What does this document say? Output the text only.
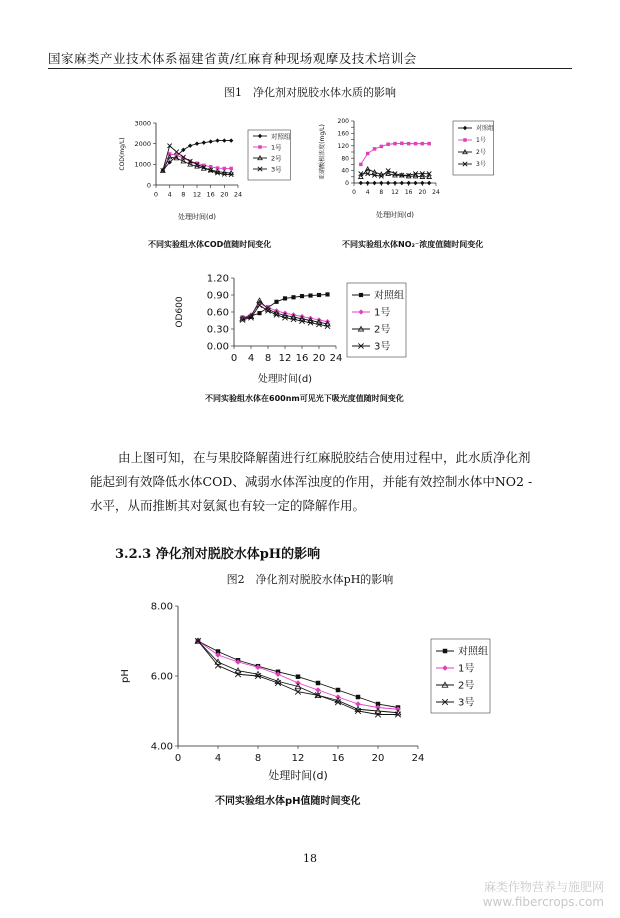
国家麻类产业技术体系福建省黄/红麻育种现场观摩及技术培训会
图1　净化剂对脱胶水体水质的影响
0
1000
2000
3000
0 4 8 12 16 20 24
处理时间(d)
COD(mg/L)
对照组
1号
2号
3号
不同实验组水体COD值随时间变化
0
40
80
120
160
200
0 4 8 12 16 20 24
处理时间(d)
亚硝酸根浓度(mg/L)	对照组
1号
2号
3号
不同实验组水体NO₂⁻浓度值随时间变化
0.00
0.30
0.60
0.90
1.20
0 4 8 12 16 20 24
处理时间(d)
OD600
对照组
1号
2号
3号
不同实验组水体在600nm可见光下吸光度值随时间变化
由上图可知，在与果胶降解菌进行红麻脱胶结合使用过程中，此水质净化剂
能起到有效降低水体COD、减弱水体浑浊度的作用，并能有效控制水体中NO2 -
水平，从而推断其对氨氮也有较一定的降解作用。
3.2.3 净化剂对脱胶水体pH的影响
图2　净化剂对脱胶水体pH的影响
4.00
6.00
8.00
0	4	8	12	16	20	24
处理时间(d)
pH
对照组
1号
2号
3号
不同实验组水体pH值随时间变化
18
麻类作物营养与施肥网
www.fibercrops.com
